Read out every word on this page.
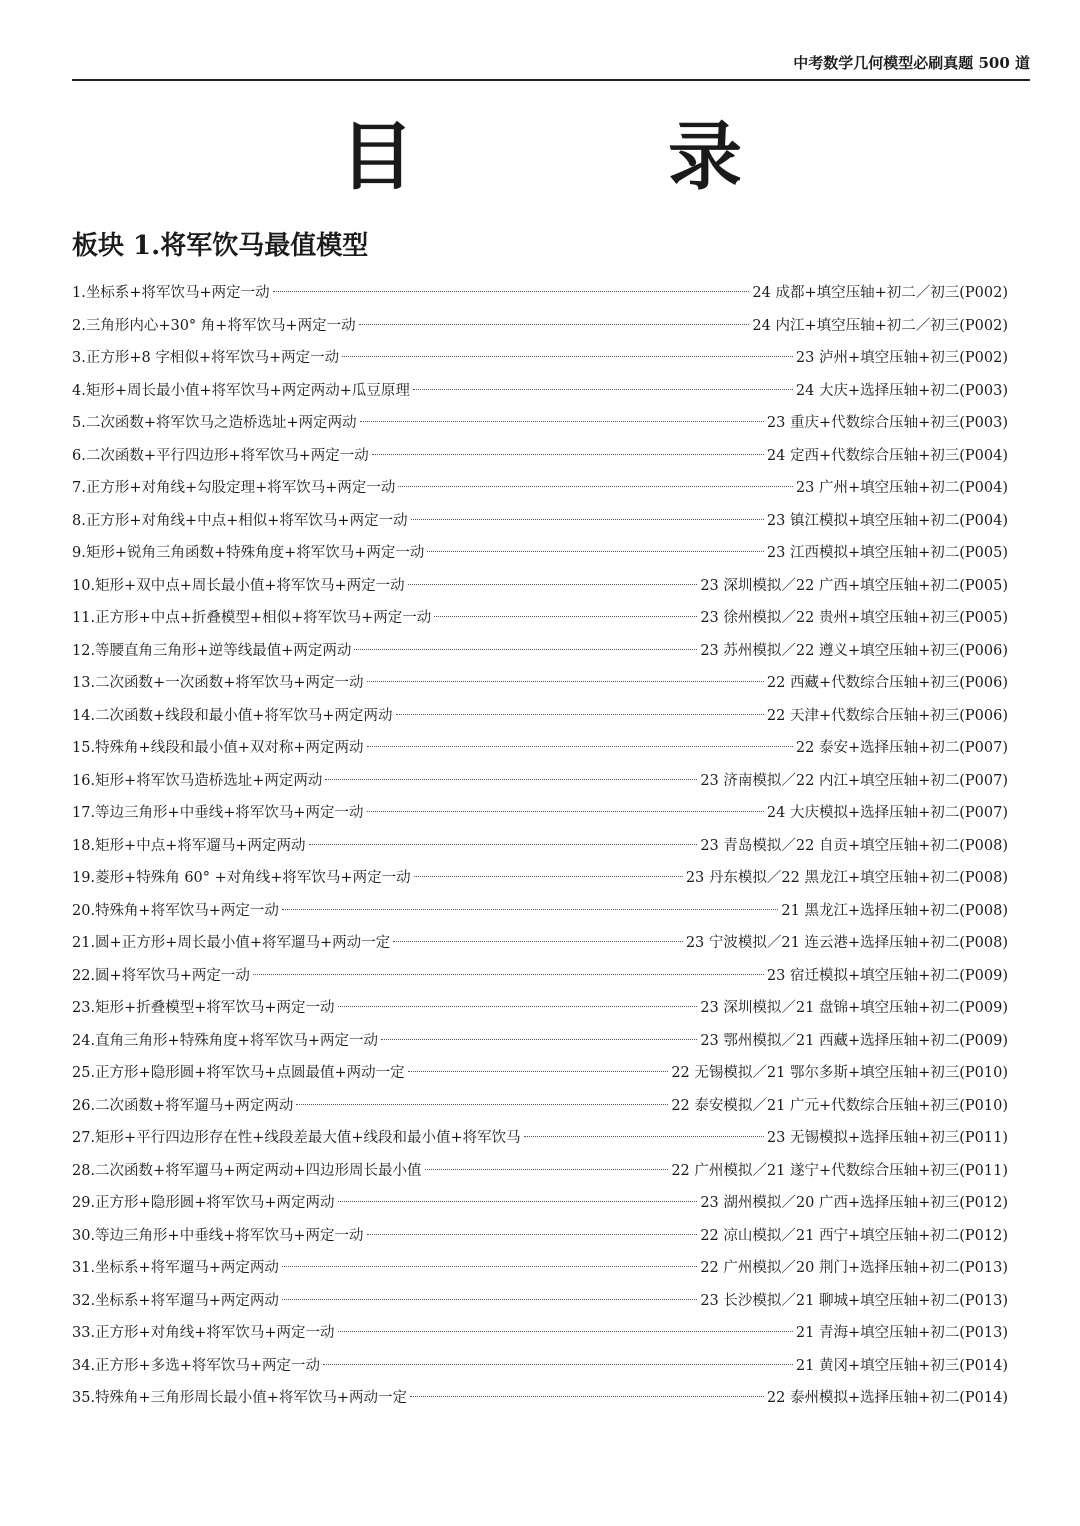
中考数学几何模型必刷真题 500 道
目	录
板块 1.将军饮马最值模型
1.坐标系+将军饮马+两定一动	24 成都+填空压轴+初二／初三(P002)
2.三角形内心+30° 角+将军饮马+两定一动	24 内江+填空压轴+初二／初三(P002)
3.正方形+8 字相似+将军饮马+两定一动	23 泸州+填空压轴+初三(P002)
4.矩形+周长最小值+将军饮马+两定两动+瓜豆原理	24 大庆+选择压轴+初二(P003)
5.二次函数+将军饮马之造桥选址+两定两动	23 重庆+代数综合压轴+初三(P003)
6.二次函数+平行四边形+将军饮马+两定一动	24 定西+代数综合压轴+初三(P004)
7.正方形+对角线+勾股定理+将军饮马+两定一动	23 广州+填空压轴+初二(P004)
8.正方形+对角线+中点+相似+将军饮马+两定一动	23 镇江模拟+填空压轴+初二(P004)
9.矩形+锐角三角函数+特殊角度+将军饮马+两定一动	23 江西模拟+填空压轴+初二(P005)
10.矩形+双中点+周长最小值+将军饮马+两定一动	23 深圳模拟／22 广西+填空压轴+初二(P005)
11.正方形+中点+折叠模型+相似+将军饮马+两定一动	23 徐州模拟／22 贵州+填空压轴+初三(P005)
12.等腰直角三角形+逆等线最值+两定两动	23 苏州模拟／22 遵义+填空压轴+初三(P006)
13.二次函数+一次函数+将军饮马+两定一动	22 西藏+代数综合压轴+初三(P006)
14.二次函数+线段和最小值+将军饮马+两定两动	22 天津+代数综合压轴+初三(P006)
15.特殊角+线段和最小值+双对称+两定两动	22 泰安+选择压轴+初二(P007)
16.矩形+将军饮马造桥选址+两定两动	23 济南模拟／22 内江+填空压轴+初二(P007)
17.等边三角形+中垂线+将军饮马+两定一动	24 大庆模拟+选择压轴+初二(P007)
18.矩形+中点+将军遛马+两定两动	23 青岛模拟／22 自贡+填空压轴+初二(P008)
19.菱形+特殊角 60° +对角线+将军饮马+两定一动	23 丹东模拟／22 黑龙江+填空压轴+初二(P008)
20.特殊角+将军饮马+两定一动	21 黑龙江+选择压轴+初二(P008)
21.圆+正方形+周长最小值+将军遛马+两动一定	23 宁波模拟／21 连云港+选择压轴+初二(P008)
22.圆+将军饮马+两定一动	23 宿迁模拟+填空压轴+初二(P009)
23.矩形+折叠模型+将军饮马+两定一动	23 深圳模拟／21 盘锦+填空压轴+初二(P009)
24.直角三角形+特殊角度+将军饮马+两定一动	23 鄂州模拟／21 西藏+选择压轴+初二(P009)
25.正方形+隐形圆+将军饮马+点圆最值+两动一定	22 无锡模拟／21 鄂尔多斯+填空压轴+初三(P010)
26.二次函数+将军遛马+两定两动	22 泰安模拟／21 广元+代数综合压轴+初三(P010)
27.矩形+平行四边形存在性+线段差最大值+线段和最小值+将军饮马	23 无锡模拟+选择压轴+初三(P011)
28.二次函数+将军遛马+两定两动+四边形周长最小值	22 广州模拟／21 遂宁+代数综合压轴+初三(P011)
29.正方形+隐形圆+将军饮马+两定两动	23 湖州模拟／20 广西+选择压轴+初三(P012)
30.等边三角形+中垂线+将军饮马+两定一动	22 凉山模拟／21 西宁+填空压轴+初二(P012)
31.坐标系+将军遛马+两定两动	22 广州模拟／20 荆门+选择压轴+初二(P013)
32.坐标系+将军遛马+两定两动	23 长沙模拟／21 聊城+填空压轴+初二(P013)
33.正方形+对角线+将军饮马+两定一动	21 青海+填空压轴+初二(P013)
34.正方形+多选+将军饮马+两定一动	21 黄冈+填空压轴+初三(P014)
35.特殊角+三角形周长最小值+将军饮马+两动一定	22 泰州模拟+选择压轴+初二(P014)
